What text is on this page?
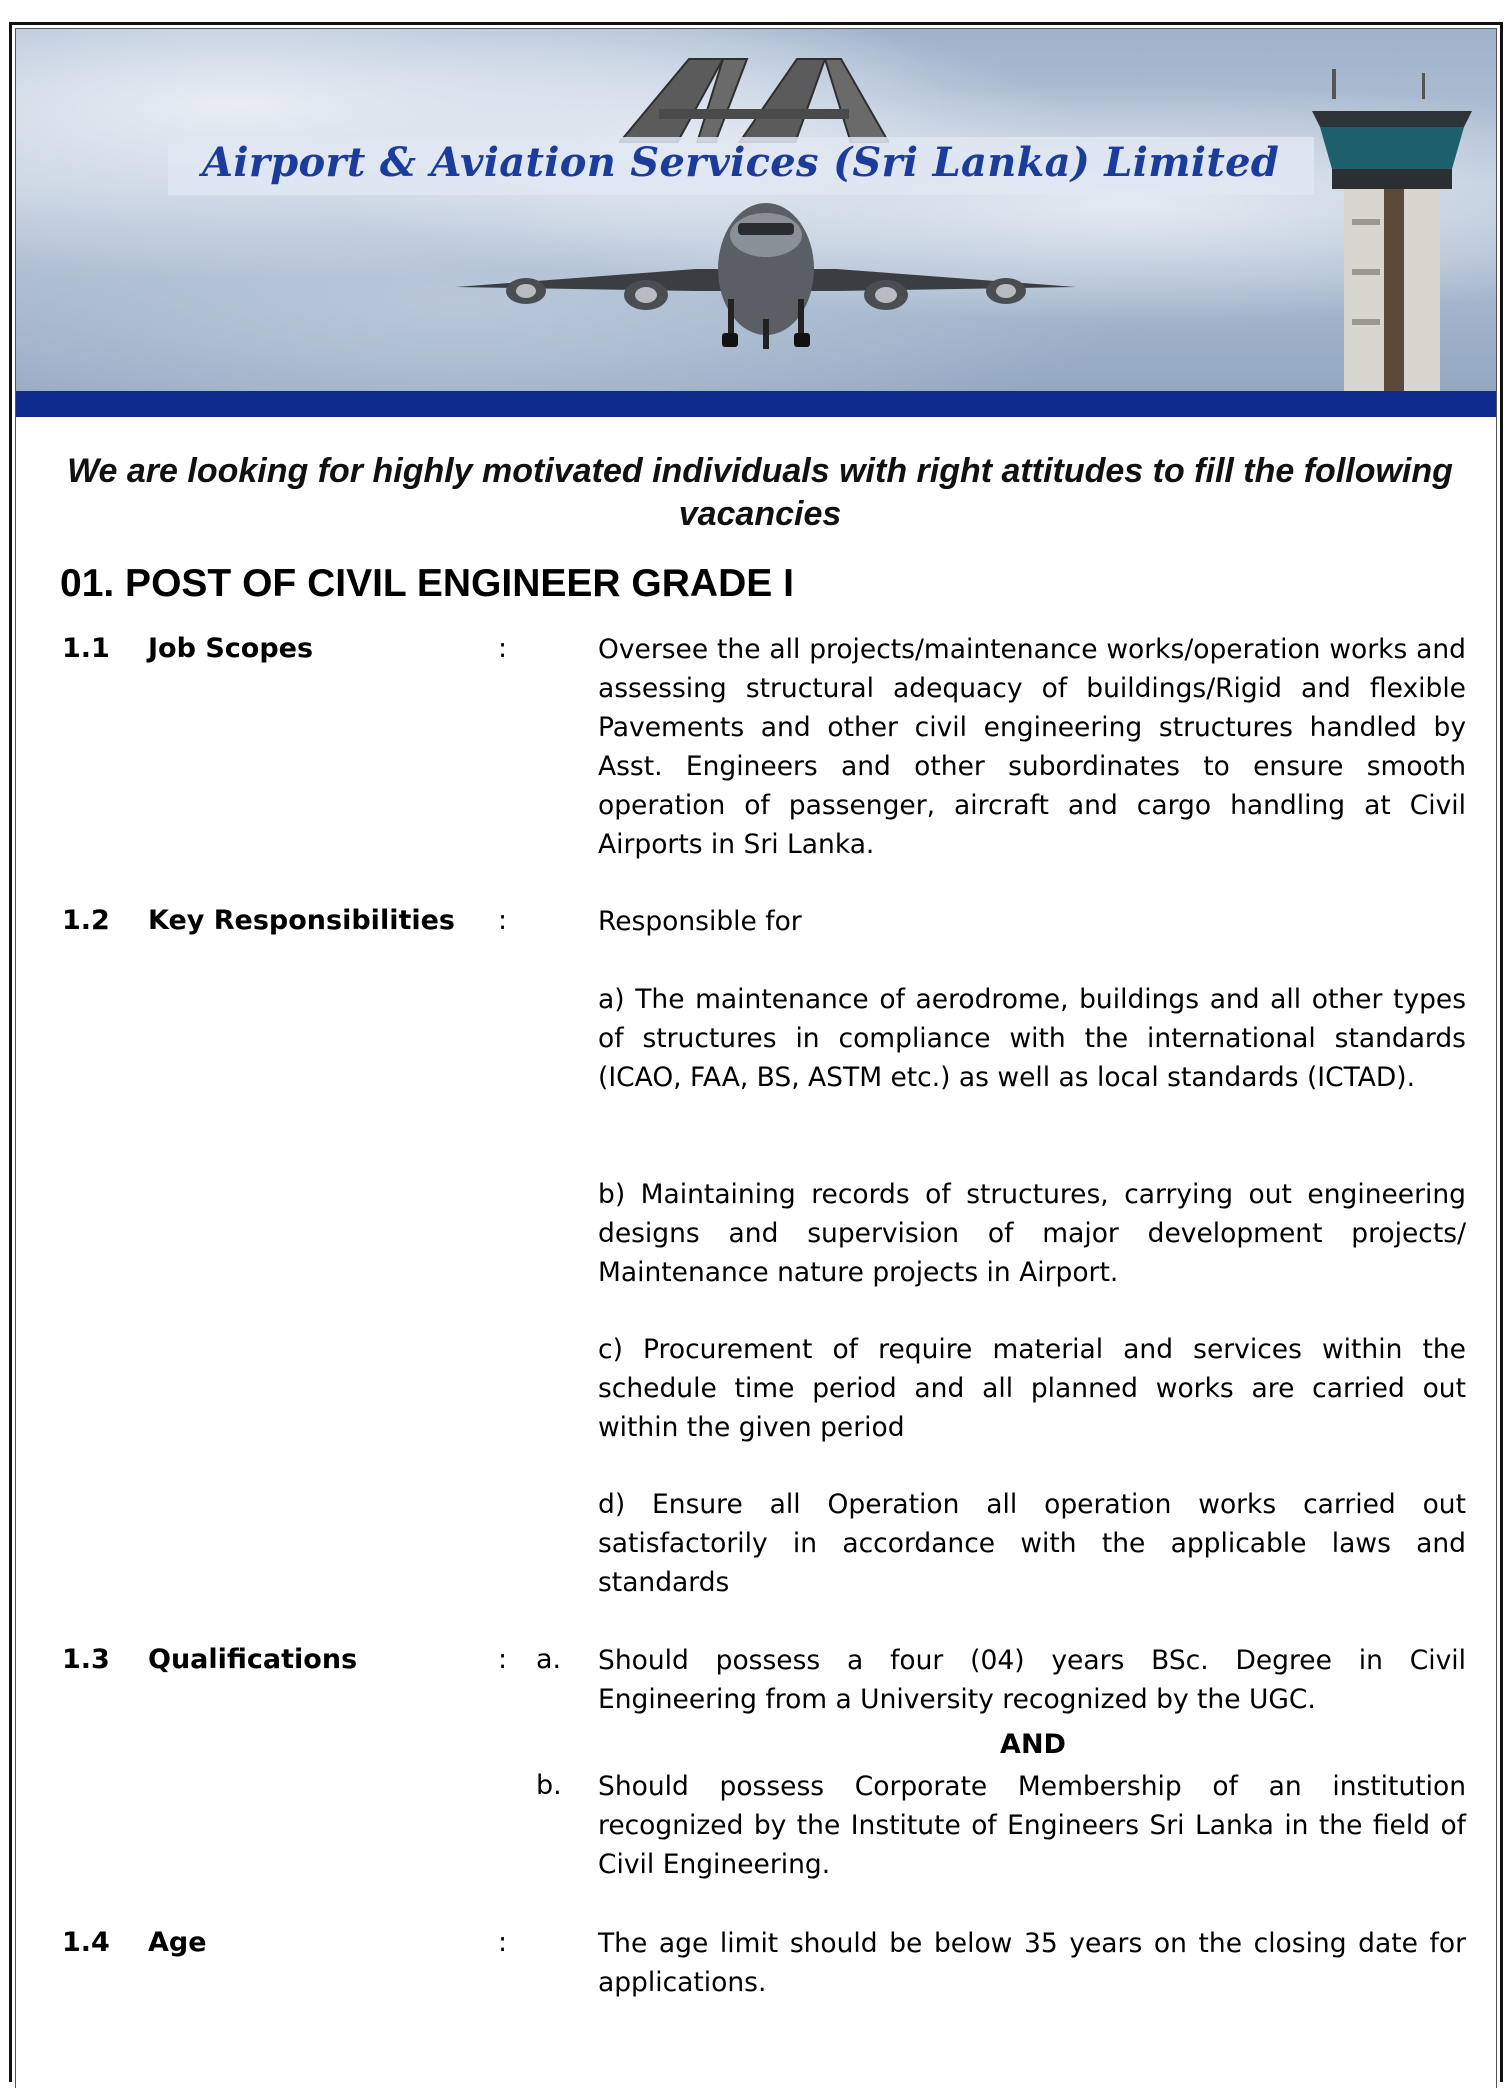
Airport & Aviation Services (Sri Lanka) Limited
We are looking for highly motivated individuals with right attitudes to fill the following vacancies
01. POST OF CIVIL ENGINEER GRADE I
1.1 Job Scopes	:	Oversee the all projects/maintenance works/operation works and assessing structural adequacy of buildings/Rigid and flexible Pavements and other civil engineering structures handled by Asst. Engineers and other subordinates to ensure smooth operation of passenger, aircraft and cargo handling at Civil Airports in Sri Lanka.
1.2 Key Responsibilities :	Responsible for
a) The maintenance of aerodrome, buildings and all other types of structures in compliance with the international standards (ICAO, FAA, BS, ASTM etc.) as well as local standards (ICTAD).
b) Maintaining records of structures, carrying out engineering designs and supervision of major development projects/ Maintenance nature projects in Airport.
c) Procurement of require material and services within the schedule time period and all planned works are carried out within the given period
d) Ensure all Operation all operation works carried out satisfactorily in accordance with the applicable laws and standards
1.3 Qualifications	: a. Should possess a four (04) years BSc. Degree in Civil Engineering from a University recognized by the UGC.
AND
b. Should possess Corporate Membership of an institution recognized by the Institute of Engineers Sri Lanka in the field of Civil Engineering.
1.4 Age	:	The age limit should be below 35 years on the closing date for applications.
